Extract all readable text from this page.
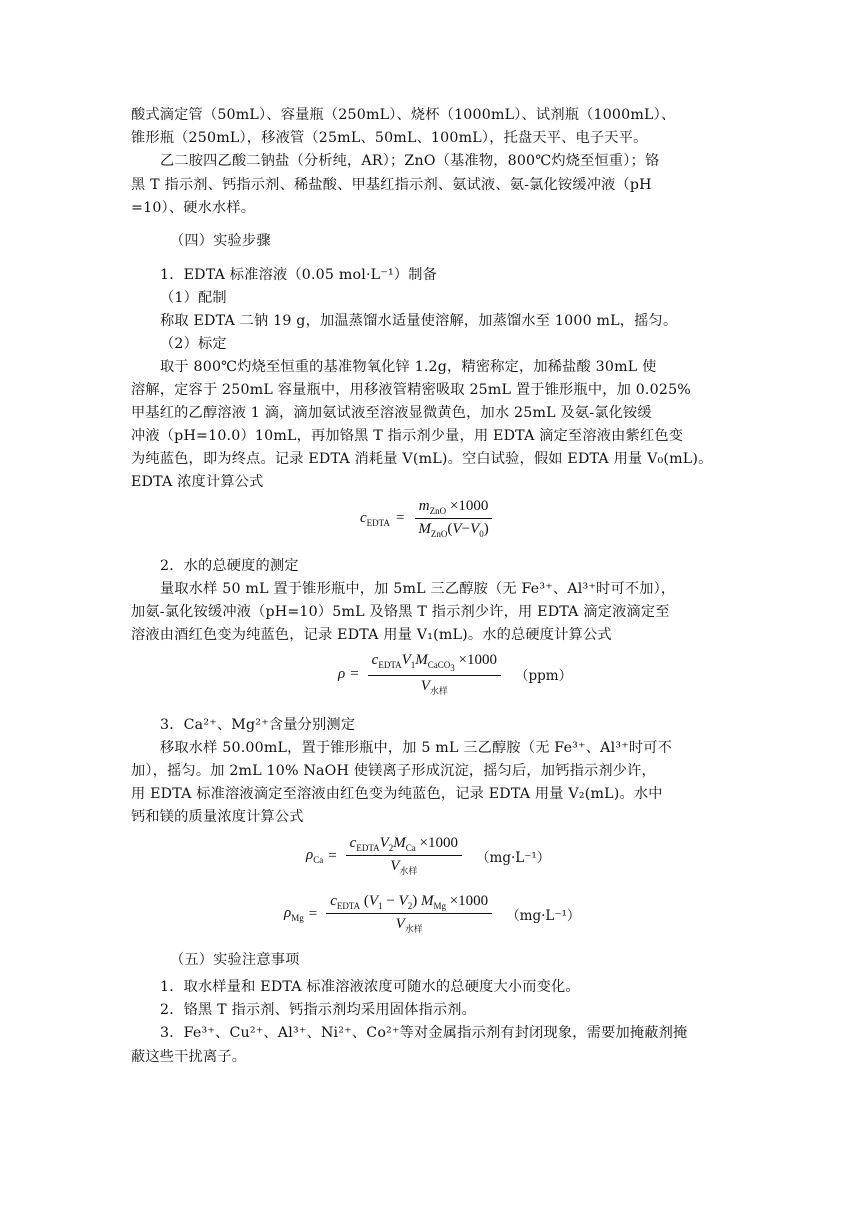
酸式滴定管（50mL）、容量瓶（250mL）、烧杯（1000mL）、试剂瓶（1000mL）、
锥形瓶（250mL），移液管（25mL、50mL、100mL），托盘天平、电子天平。
乙二胺四乙酸二钠盐（分析纯，AR）；ZnO（基准物，800℃灼烧至恒重）；铬
黑 T 指示剂、钙指示剂、稀盐酸、甲基红指示剂、氨试液、氨-氯化铵缓冲液（pH
=10）、硬水水样。
（四）实验步骤
1．EDTA 标准溶液（0.05 mol·L⁻¹）制备
（1）配制
称取 EDTA 二钠 19 g，加温蒸馏水适量使溶解，加蒸馏水至 1000 mL，摇匀。
（2）标定
取于 800℃灼烧至恒重的基准物氧化锌 1.2g，精密称定，加稀盐酸 30mL 使
溶解，定容于 250mL 容量瓶中，用移液管精密吸取 25mL 置于锥形瓶中，加 0.025%
甲基红的乙醇溶液 1 滴，滴加氨试液至溶液显微黄色，加水 25mL 及氨-氯化铵缓
冲液（pH=10.0）10mL，再加铬黑 T 指示剂少量，用 EDTA 滴定至溶液由紫红色变
为纯蓝色，即为终点。记录 EDTA 消耗量 V(mL)。空白试验，假如 EDTA 用量 V₀(mL)。
EDTA 浓度计算公式
$c_{EDTA} = \frac{m_{ZnO} \times 1000}{M_{ZnO}(V-V_0)}$
2．水的总硬度的测定
量取水样 50 mL 置于锥形瓶中，加 5mL 三乙醇胺（无 Fe³⁺、Al³⁺时可不加），
加氨-氯化铵缓冲液（pH=10）5mL 及铬黑 T 指示剂少许，用 EDTA 滴定液滴定至
溶液由酒红色变为纯蓝色，记录 EDTA 用量 V₁(mL)。水的总硬度计算公式
$\rho = \frac{c_{EDTA}V_1M_{CaCO_3} \times 1000}{V_{水样}} (ppm)$
3．Ca²⁺、Mg²⁺含量分别测定
移取水样 50.00mL，置于锥形瓶中，加 5 mL 三乙醇胺（无 Fe³⁺、Al³⁺时可不
加），摇匀。加 2mL 10% NaOH 使镁离子形成沉淀，摇匀后，加钙指示剂少许，
用 EDTA 标准溶液滴定至溶液由红色变为纯蓝色，记录 EDTA 用量 V₂(mL)。水中
钙和镁的质量浓度计算公式
$\rho_{Ca} = \frac{c_{EDTA}V_2M_{Ca} \times 1000}{V_{水样}} (mg\cdot L^{-1})$
$\rho_{Mg} = \frac{c_{EDTA} (V_1 - V_2) M_{Mg} \times 1000}{V_{水样}} (mg\cdot L^{-1})$
（五）实验注意事项
1．取水样量和 EDTA 标准溶液浓度可随水的总硬度大小而变化。
2．铬黑 T 指示剂、钙指示剂均采用固体指示剂。
3．Fe³⁺、Cu²⁺、Al³⁺、Ni²⁺、Co²⁺等对金属指示剂有封闭现象，需要加掩蔽剂掩
蔽这些干扰离子。
